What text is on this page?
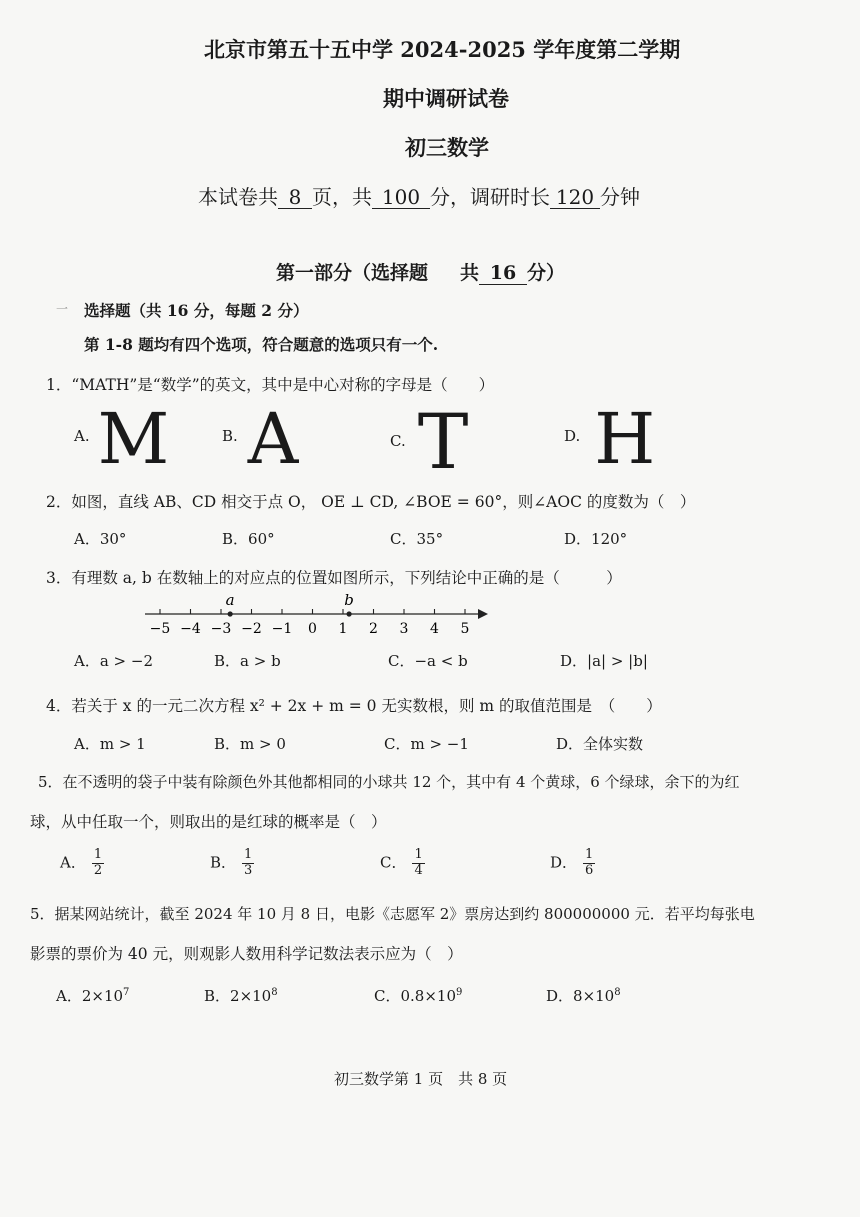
北京市第五十五中学 2024-2025 学年度第二学期
期中调研试卷
初三数学
本试卷共 8 页，共 100 分，调研时长 120 分钟
第一部分（选择题 共 16 分）
一 选择题（共 16 分，每题 2 分）
第 1-8 题均有四个选项，符合题意的选项只有一个.
1．“MATH”是“数学”的英文，其中是中心对称的字母是（　　）
A. M	B. A	C. T	D. H
2．如图，直线 AB、CD 相交于点 O， OE ⊥ CD, ∠BOE = 60°，则∠AOC 的度数为（　）
A．30°	B．60°	C．35°	D．120°
3．有理数 a, b 在数轴上的对应点的位置如图所示，下列结论中正确的是（　　　）
−5 −4 −3 −2 −1 0 1 2 3 4 5
a	b
A．a > −2	B．a > b	C．−a < b	D．|a| > |b|
4．若关于 x 的一元二次方程 x² + 2x + m = 0 无实数根，则 m 的取值范围是　（　　）
A．m > 1	B．m > 0	C．m > −1	D．全体实数
5．在不透明的袋子中装有除颜色外其他都相同的小球共 12 个，其中有 4 个黄球，6 个绿球，余下的为红
球，从中任取一个，则取出的是红球的概率是（　）
A． $\frac{1}{2}$	B． $\frac{1}{3}$	C． $\frac{1}{4}$	D． $\frac{1}{6}$
5．据某网站统计，截至 2024 年 10 月 8 日，电影《志愿军 2》票房达到约 800000000 元．若平均每张电
影票的票价为 40 元，则观影人数用科学记数法表示应为（　）
A．$2\times 10^7$	B．$2\times 10^8$	C．$0.8\times 10^9$	D．$8\times 10^8$
初三数学第 1 页　共 8 页
